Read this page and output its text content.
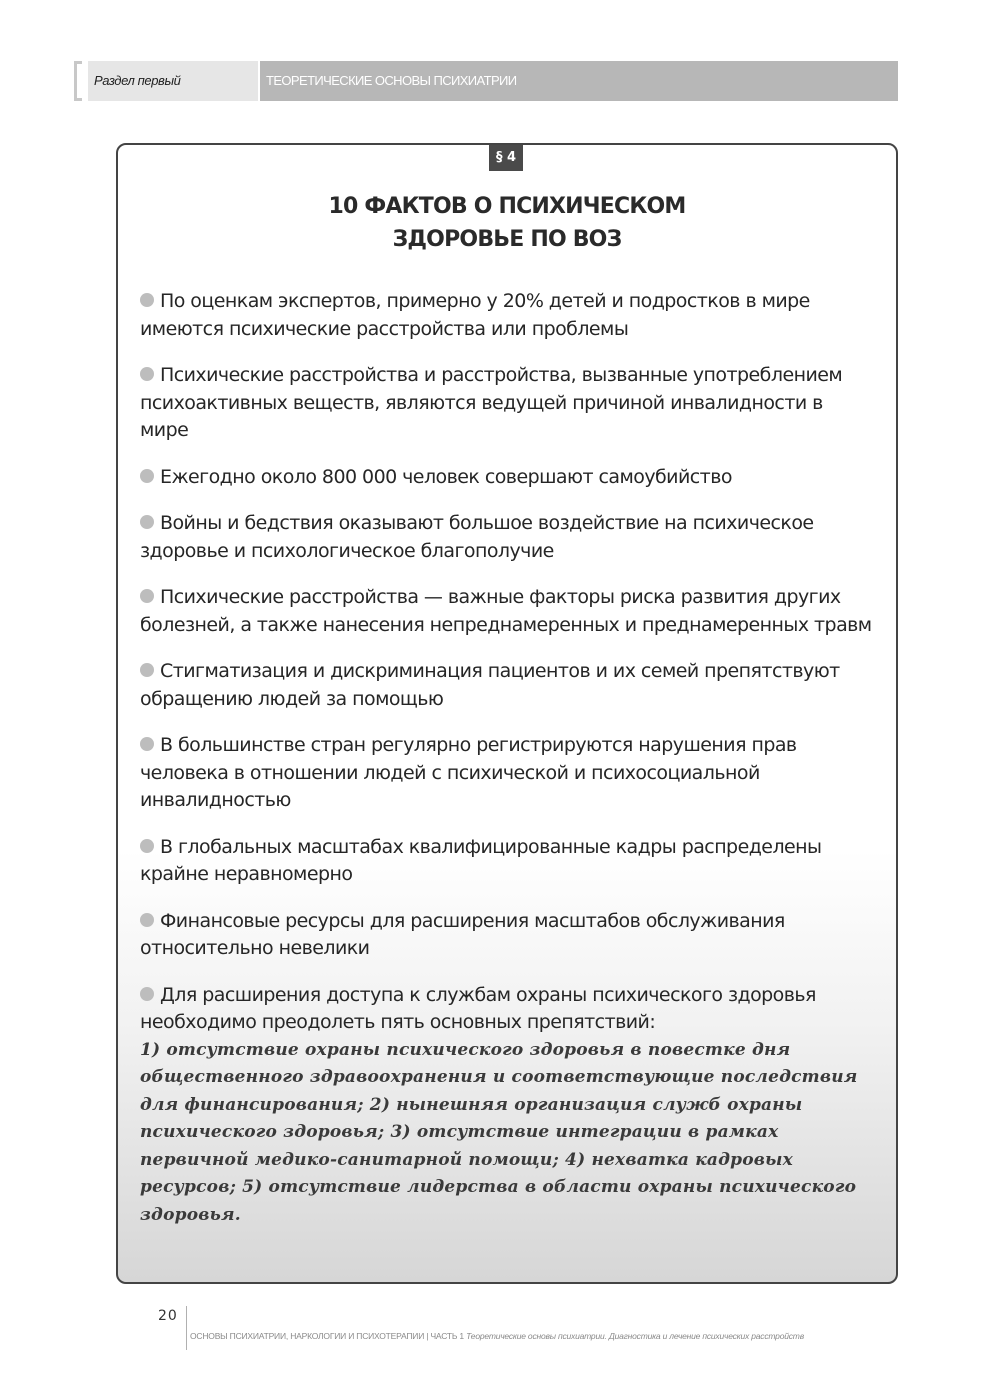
Раздел первый	ТЕОРЕТИЧЕСКИЕ ОСНОВЫ ПСИХИАТРИИ
§ 4
10 ФАКТОВ О ПСИХИЧЕСКОМ
ЗДОРОВЬЕ ПО ВОЗ
По оценкам экспертов, примерно у 20% детей и подростков в мире имеются психические расстройства или проблемы
Психические расстройства и расстройства, вызванные употреблением психоактивных веществ, являются ведущей причиной инвалидности в мире
Ежегодно около 800 000 человек совершают самоубийство
Войны и бедствия оказывают большое воздействие на психическое здоровье и психологическое благополучие
Психические расстройства — важные факторы риска развития других болезней, а также нанесения непреднамеренных и преднамеренных травм
Стигматизация и дискриминация пациентов и их семей препятствуют обращению людей за помощью
В большинстве стран регулярно регистрируются нарушения прав человека в отношении людей с психической и психосоциальной инвалидностью
В глобальных масштабах квалифицированные кадры распределены крайне неравномерно
Финансовые ресурсы для расширения масштабов обслуживания относительно невелики
Для расширения доступа к службам охраны психического здоровья необходимо преодолеть пять основных препятствий:
1) отсутствие охраны психического здоровья в повестке дня общественного здравоохранения и соответствующие последствия для финансирования; 2) нынешняя организация служб охраны психического здоровья; 3) отсутствие интеграции в рамках первичной медико-санитарной помощи; 4) нехватка кадровых ресурсов; 5) отсутствие лидерства в области охраны психического здоровья.
20
ОСНОВЫ ПСИХИАТРИИ, НАРКОЛОГИИ И ПСИХОТЕРАПИИ | ЧАСТЬ 1 Теоретические основы психиатрии. Диагностика и лечение психических расстройств
